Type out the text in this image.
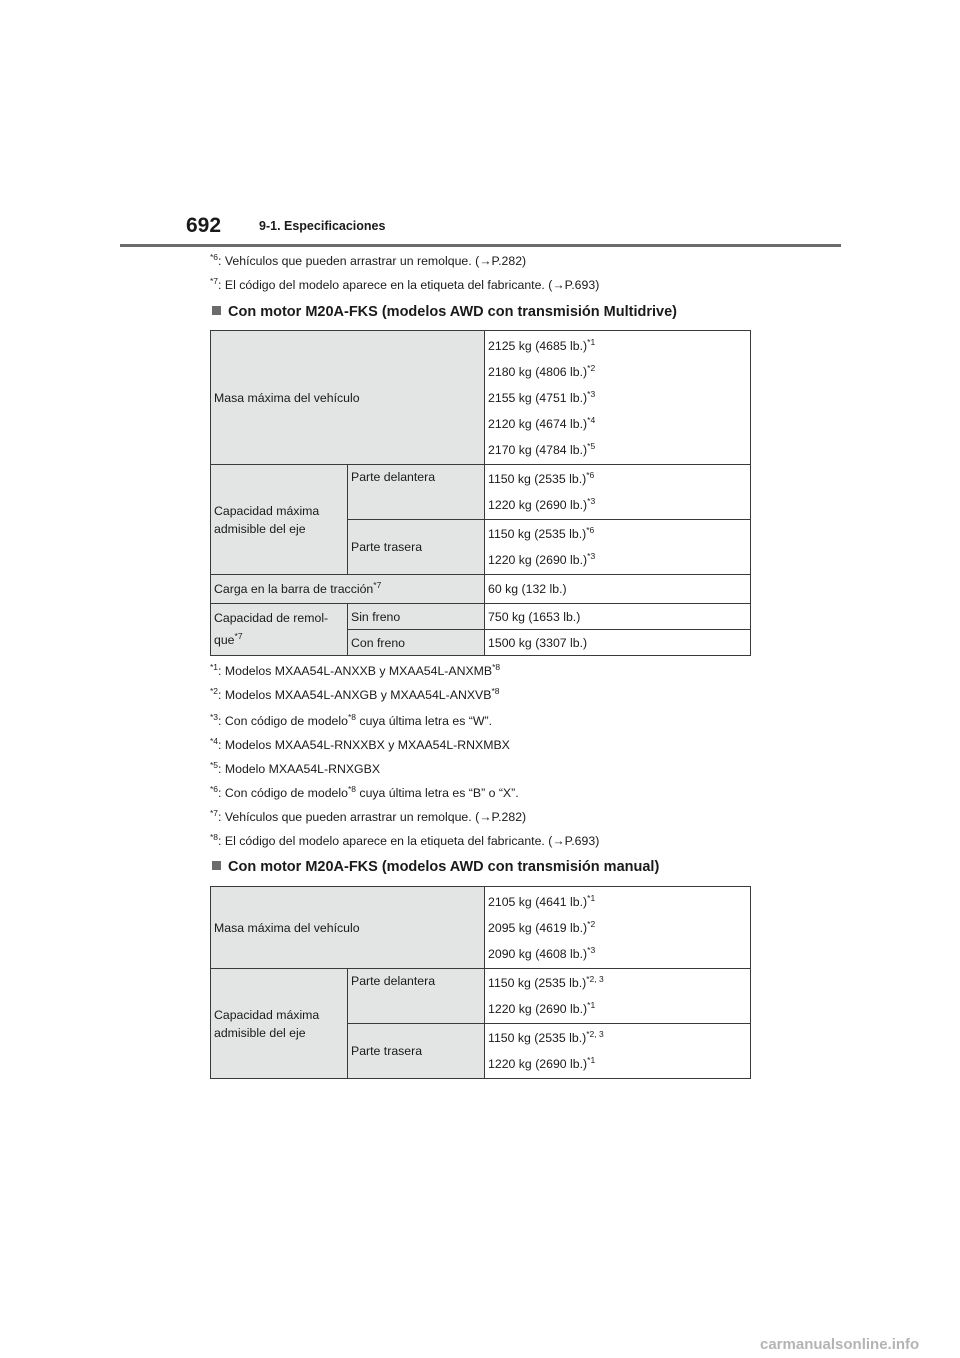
692	9-1. Especificaciones
$^{*6}$: Vehículos que pueden arrastrar un remolque. (→P.282)
$^{*7}$: El código del modelo aparece en la etiqueta del fabricante. (→P.693)
Con motor M20A-FKS (modelos AWD con transmisión Multidrive)
Masa máxima del vehículo		2125 kg (4685 lb.)$^{*1}$
2180 kg (4806 lb.)$^{*2}$
2155 kg (4751 lb.)$^{*3}$
2120 kg (4674 lb.)$^{*4}$
2170 kg (4784 lb.)$^{*5}$

Capacidad máxima
admisible del eje	Parte delantera	1150 kg (2535 lb.)$^{*6}$
1220 kg (2690 lb.)$^{*3}$

	Parte trasera	1150 kg (2535 lb.)$^{*6}$
1220 kg (2690 lb.)$^{*3}$

Carga en la barra de tracción$^{*7}$		60 kg (132 lb.)

Capacidad de remol-
que$^{*7}$	Sin freno	750 kg (1653 lb.)
	Con freno	1500 kg (3307 lb.)
$^{*1}$: Modelos MXAA54L-ANXXB y MXAA54L-ANXMB$^{*8}$
$^{*2}$: Modelos MXAA54L-ANXGB y MXAA54L-ANXVB$^{*8}$
$^{*3}$: Con código de modelo$^{*8}$ cuya última letra es “W”.
$^{*4}$: Modelos MXAA54L-RNXXBX y MXAA54L-RNXMBX
$^{*5}$: Modelo MXAA54L-RNXGBX
$^{*6}$: Con código de modelo$^{*8}$ cuya última letra es “B” o “X”.
$^{*7}$: Vehículos que pueden arrastrar un remolque. (→P.282)
$^{*8}$: El código del modelo aparece en la etiqueta del fabricante. (→P.693)
Con motor M20A-FKS (modelos AWD con transmisión manual)
Masa máxima del vehículo		2105 kg (4641 lb.)$^{*1}$
2095 kg (4619 lb.)$^{*2}$
2090 kg (4608 lb.)$^{*3}$

Capacidad máxima
admisible del eje	Parte delantera	1150 kg (2535 lb.)$^{*2, 3}$
1220 kg (2690 lb.)$^{*1}$

	Parte trasera	1150 kg (2535 lb.)$^{*2, 3}$
1220 kg (2690 lb.)$^{*1}$
carmanualsonline.info
